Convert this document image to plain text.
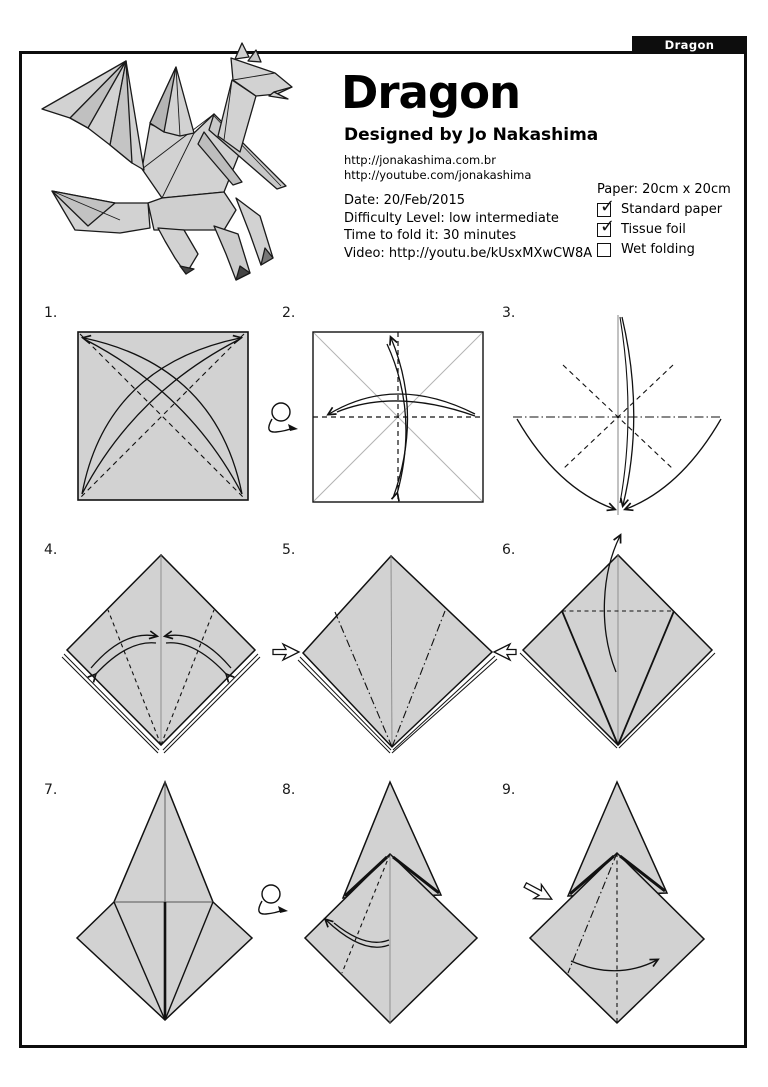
Dragon
Dragon
Designed by Jo Nakashima
http://jonakashima.com.br
http://youtube.com/jonakashima
Date: 20/Feb/2015
Difficulty Level: low intermediate
Time to fold it: 30 minutes
Video: http://youtu.be/kUsxMXwCW8A
Paper: 20cm x 20cm
✓ Standard paper
✓ Tissue foil
Wet folding
1.	2.	3.
4.	5.	6.
7.	8.	9.
